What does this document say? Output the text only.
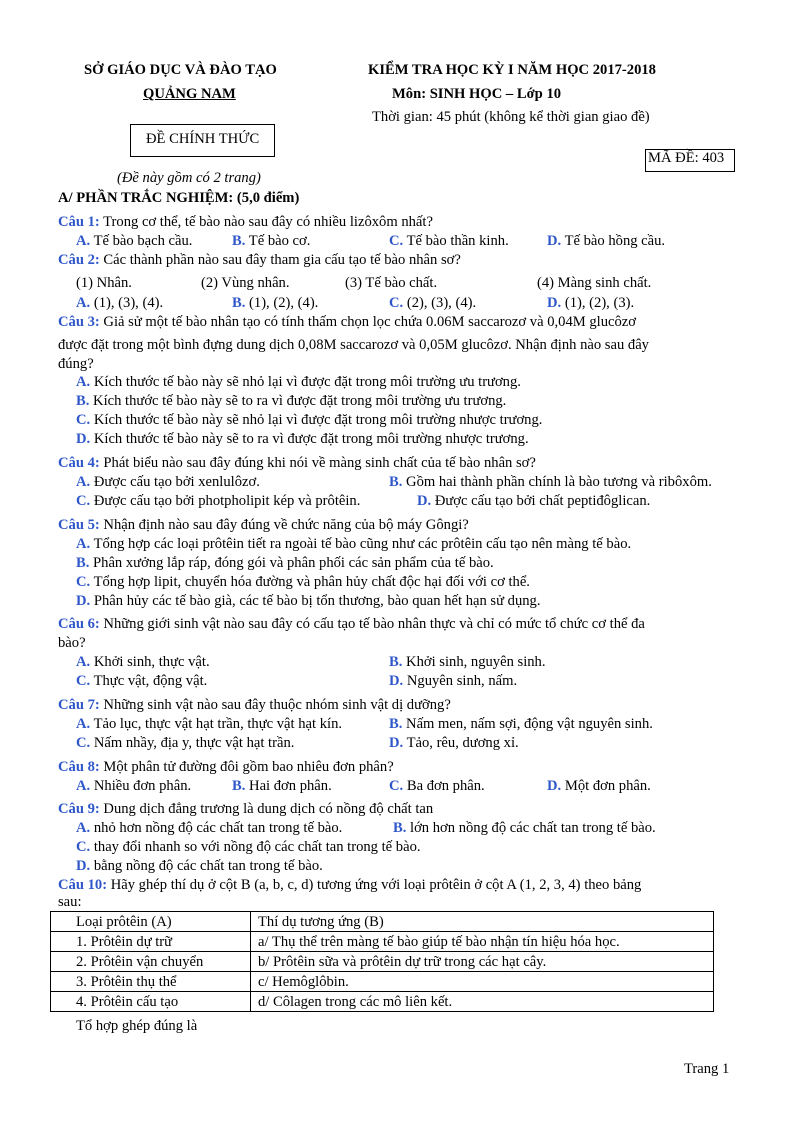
SỞ GIÁO DỤC VÀ ĐÀO TẠO
QUẢNG NAM
ĐỀ CHÍNH THỨC
(Đề này gồm có 2 trang)
KIỂM TRA HỌC KỲ I NĂM HỌC 2017-2018
Môn: SINH HỌC – Lớp 10
Thời gian: 45 phút (không kể thời gian giao đề)
MÃ ĐỀ: 403
A/ PHẦN TRẮC NGHIỆM: (5,0 điểm)
Câu 1: Trong cơ thể, tế bào nào sau đây có nhiều lizôxôm nhất?
A. Tế bào bạch cầu.	B. Tế bào cơ.	C. Tế bào thần kinh.	D. Tế bào hồng cầu.
Câu 2: Các thành phần nào sau đây tham gia cấu tạo tế bào nhân sơ?
(1) Nhân.	(2) Vùng nhân.	(3) Tế bào chất.	(4) Màng sinh chất.
A. (1), (3), (4).	B. (1), (2), (4).	C. (2), (3), (4).	D. (1), (2), (3).
Câu 3: Giả sử một tế bào nhân tạo có tính thấm chọn lọc chứa 0.06M saccarozơ và 0,04M glucôzơ
được đặt trong một bình đựng dung dịch 0,08M saccarozơ và 0,05M glucôzơ. Nhận định nào sau đây
đúng?
A. Kích thước tế bào này sẽ nhỏ lại vì được đặt trong môi trường ưu trương.
B. Kích thước tế bào này sẽ to ra vì được đặt trong môi trường ưu trương.
C. Kích thước tế bào này sẽ nhỏ lại vì được đặt trong môi trường nhược trương.
D. Kích thước tế bào này sẽ to ra vì được đặt trong môi trường nhược trương.
Câu 4: Phát biểu nào sau đây đúng khi nói về màng sinh chất của tế bào nhân sơ?
A. Được cấu tạo bởi xenlulôzơ.	B. Gồm hai thành phần chính là bào tương và ribôxôm.
C. Được cấu tạo bởi photpholipit kép và prôtêin.	D. Được cấu tạo bởi chất peptiđôglican.
Câu 5: Nhận định nào sau đây đúng về chức năng của bộ máy Gôngi?
A. Tổng hợp các loại prôtêin tiết ra ngoài tế bào cũng như các prôtêin cấu tạo nên màng tế bào.
B. Phân xưởng lắp ráp, đóng gói và phân phối các sản phẩm của tế bào.
C. Tổng hợp lipit, chuyển hóa đường và phân hủy chất độc hại đối với cơ thể.
D. Phân hủy các tế bào già, các tế bào bị tổn thương, bào quan hết hạn sử dụng.
Câu 6: Những giới sinh vật nào sau đây có cấu tạo tế bào nhân thực và chỉ có mức tổ chức cơ thể đa
bào?
A. Khởi sinh, thực vật.	B. Khởi sinh, nguyên sinh.
C. Thực vật, động vật.	D. Nguyên sinh, nấm.
Câu 7: Những sinh vật nào sau đây thuộc nhóm sinh vật dị dưỡng?
A. Tảo lục, thực vật hạt trần, thực vật hạt kín.	B. Nấm men, nấm sợi, động vật nguyên sinh.
C. Nấm nhầy, địa y, thực vật hạt trần.	D. Tảo, rêu, dương xỉ.
Câu 8: Một phân tử đường đôi gồm bao nhiêu đơn phân?
A. Nhiều đơn phân.	B. Hai đơn phân.	C. Ba đơn phân.	D. Một đơn phân.
Câu 9: Dung dịch đẳng trương là dung dịch có nồng độ chất tan
A. nhỏ hơn nồng độ các chất tan trong tế bào.	B. lớn hơn nồng độ các chất tan trong tế bào.
C. thay đổi nhanh so với nồng độ các chất tan trong tế bào.
D. bằng nồng độ các chất tan trong tế bào.
Câu 10: Hãy ghép thí dụ ở cột B (a, b, c, d) tương ứng với loại prôtêin ở cột A (1, 2, 3, 4) theo bảng
sau:
Loại prôtêin (A)	Thí dụ tương ứng (B)
1. Prôtêin dự trữ	a/ Thụ thể trên màng tế bào giúp tế bào nhận tín hiệu hóa học.
2. Prôtêin vận chuyển	b/ Prôtêin sữa và prôtêin dự trữ trong các hạt cây.
3. Prôtêin thụ thể	c/ Hemôglôbin.
4. Prôtêin cấu tạo	d/ Côlagen trong các mô liên kết.
Tổ hợp ghép đúng là
Trang 1
